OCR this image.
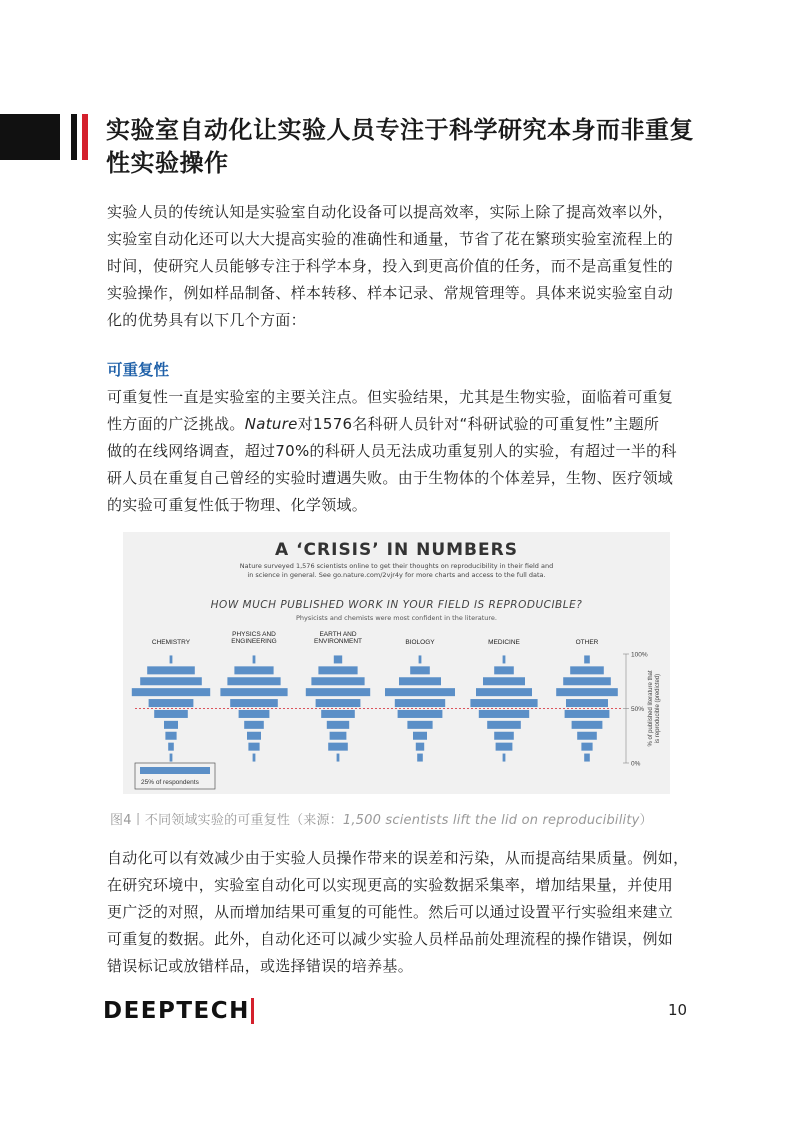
实验室自动化让实验人员专注于科学研究本身而非重复
性实验操作
实验人员的传统认知是实验室自动化设备可以提高效率，实际上除了提高效率以外，
实验室自动化还可以大大提高实验的准确性和通量，节省了花在繁琐实验室流程上的
时间，使研究人员能够专注于科学本身，投入到更高价值的任务，而不是高重复性的
实验操作，例如样品制备、样本转移、样本记录、常规管理等。具体来说实验室自动
化的优势具有以下几个方面：
可重复性
可重复性一直是实验室的主要关注点。但实验结果，尤其是生物实验，面临着可重复
性方面的广泛挑战。Nature对1576名科研人员针对“科研试验的可重复性”主题所
做的在线网络调查，超过70%的科研人员无法成功重复别人的实验，有超过一半的科
研人员在重复自己曾经的实验时遭遇失败。由于生物体的个体差异，生物、医疗领域
的实验可重复性低于物理、化学领域。
A ‘CRISIS’ IN NUMBERS
Nature surveyed 1,576 scientists online to get their thoughts on reproducibility in their field and
in science in general. See go.nature.com/2vjr4y for more charts and access to the full data.
HOW MUCH PUBLISHED WORK IN YOUR FIELD IS REPRODUCIBLE?
Physicists and chemists were most confident in the literature.
CHEMISTRY
PHYSICS AND
ENGINEERING
EARTH AND
ENVIRONMENT	BIOLOGY	MEDICINE	OTHER
100%
50%
0%
% of published literature that is reproducible (predicted)
25% of respondents
图4丨不同领域实验的可重复性（来源：1,500 scientists lift the lid on reproducibility）
自动化可以有效减少由于实验人员操作带来的误差和污染，从而提高结果质量。例如，
在研究环境中，实验室自动化可以实现更高的实验数据采集率，增加结果量，并使用
更广泛的对照，从而增加结果可重复的可能性。然后可以通过设置平行实验组来建立
可重复的数据。此外，自动化还可以减少实验人员样品前处理流程的操作错误，例如
错误标记或放错样品，或选择错误的培养基。
DEEPTECH	10
